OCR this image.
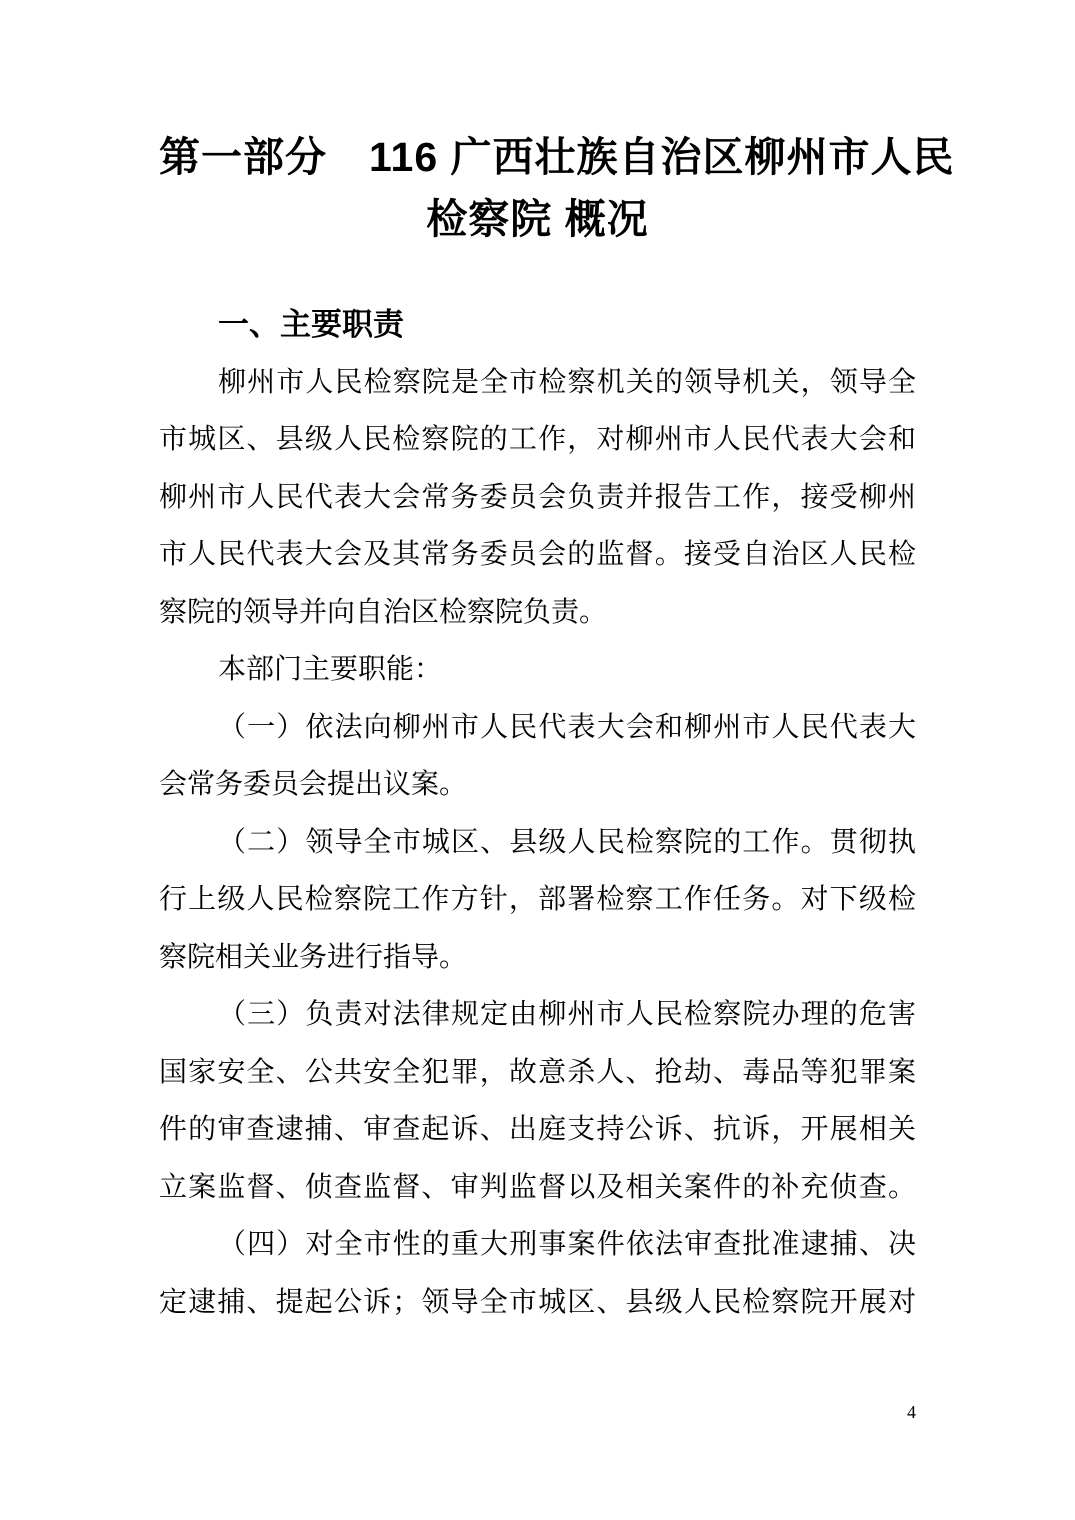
第一部分　116 广西壮族自治区柳州市人民
检察院 概况
一、主要职责
柳州市人民检察院是全市检察机关的领导机关，领导全
市城区、县级人民检察院的工作，对柳州市人民代表大会和
柳州市人民代表大会常务委员会负责并报告工作，接受柳州
市人民代表大会及其常务委员会的监督。接受自治区人民检
察院的领导并向自治区检察院负责。
本部门主要职能：
（一）依法向柳州市人民代表大会和柳州市人民代表大
会常务委员会提出议案。
（二）领导全市城区、县级人民检察院的工作。贯彻执
行上级人民检察院工作方针，部署检察工作任务。对下级检
察院相关业务进行指导。
（三）负责对法律规定由柳州市人民检察院办理的危害
国家安全、公共安全犯罪，故意杀人、抢劫、毒品等犯罪案
件的审查逮捕、审查起诉、出庭支持公诉、抗诉，开展相关
立案监督、侦查监督、审判监督以及相关案件的补充侦查。
（四）对全市性的重大刑事案件依法审查批准逮捕、决
定逮捕、提起公诉；领导全市城区、县级人民检察院开展对
4
